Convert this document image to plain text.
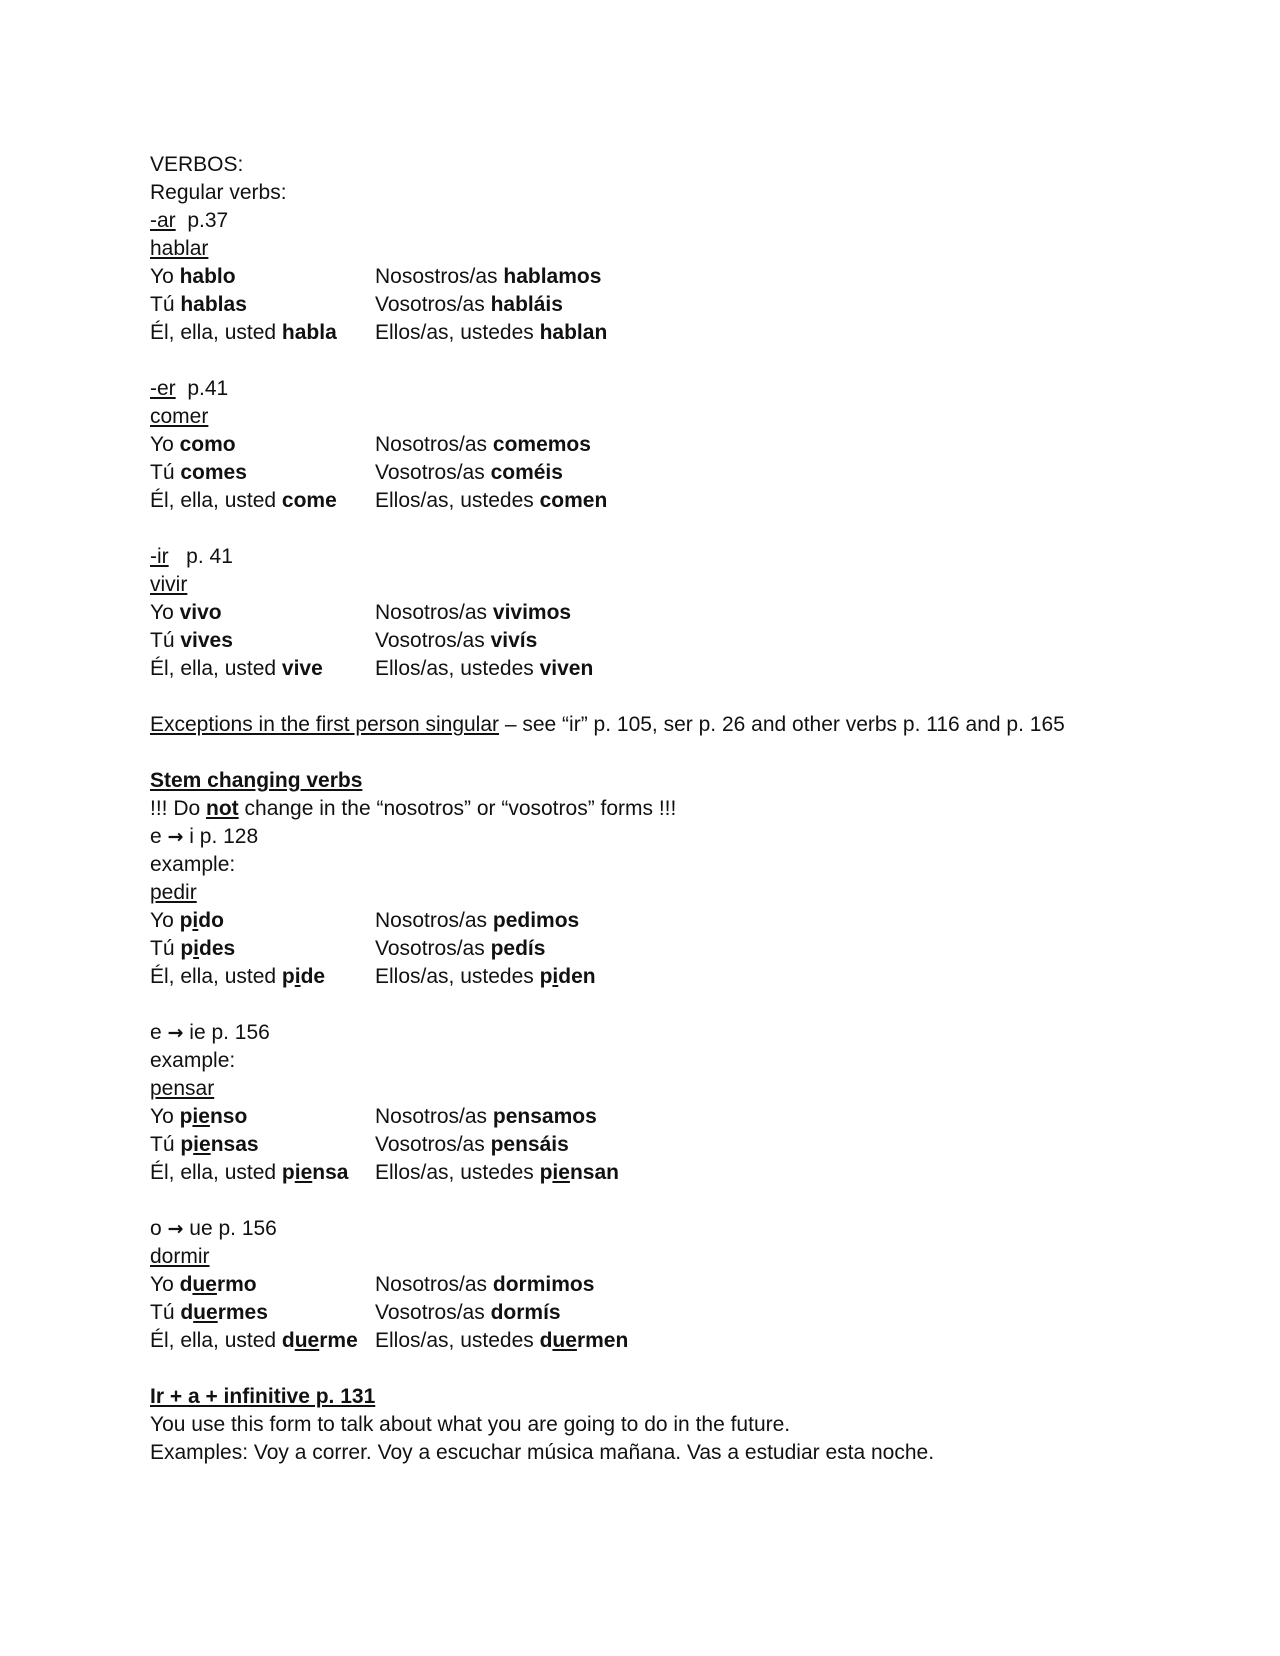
VERBOS:
Regular verbs:
-ar p.37
hablar
Yo hablo	Nosostros/as hablamos
Tú hablas	Vosotros/as habláis
Él, ella, usted habla	Ellos/as, ustedes hablan
-er p.41
comer
Yo como	Nosotros/as comemos
Tú comes	Vosotros/as coméis
Él, ella, usted come	Ellos/as, ustedes comen
-ir p. 41
vivir
Yo vivo	Nosotros/as vivimos
Tú vives	Vosotros/as vivís
Él, ella, usted vive	Ellos/as, ustedes viven
Exceptions in the first person singular – see “ir” p. 105, ser p. 26 and other verbs p. 116 and p. 165
Stem changing verbs
!!! Do not change in the “nosotros” or “vosotros” forms !!!
e → i p. 128
example:
pedir
Yo pido	Nosotros/as pedimos
Tú pides	Vosotros/as pedís
Él, ella, usted pide	Ellos/as, ustedes piden
e → ie p. 156
example:
pensar
Yo pienso	Nosotros/as pensamos
Tú piensas	Vosotros/as pensáis
Él, ella, usted piensa	Ellos/as, ustedes piensan
o → ue p. 156
dormir
Yo duermo	Nosotros/as dormimos
Tú duermes	Vosotros/as dormís
Él, ella, usted duerme Ellos/as, ustedes duermen
Ir + a + infinitive p. 131
You use this form to talk about what you are going to do in the future.
Examples: Voy a correr. Voy a escuchar música mañana. Vas a estudiar esta noche.
